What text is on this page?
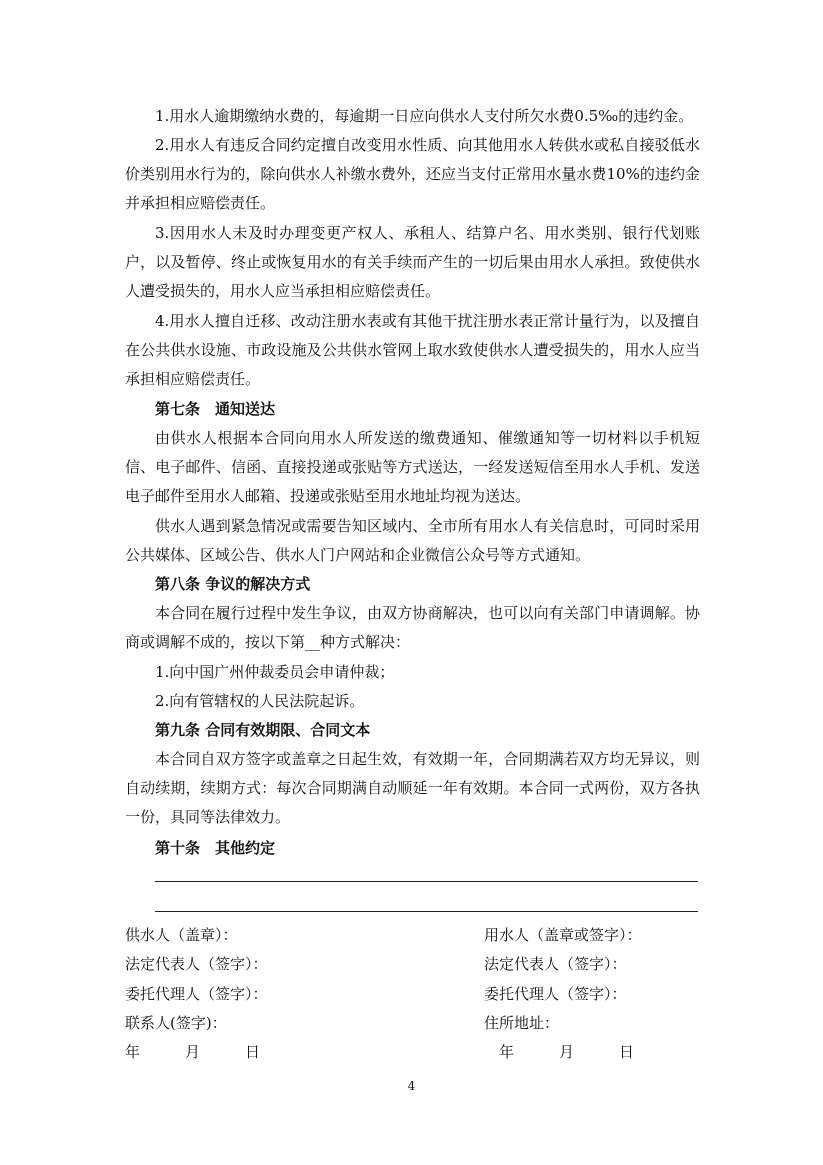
1.用水人逾期缴纳水费的，每逾期一日应向供水人支付所欠水费0.5‰的违约金。

2.用水人有违反合同约定擅自改变用水性质、向其他用水人转供水或私自接驳低水价类别用水行为的，除向供水人补缴水费外，还应当支付正常用水量水费10%的违约金并承担相应赔偿责任。

3.因用水人未及时办理变更产权人、承租人、结算户名、用水类别、银行代划账户，以及暂停、终止或恢复用水的有关手续而产生的一切后果由用水人承担。致使供水人遭受损失的，用水人应当承担相应赔偿责任。

4.用水人擅自迁移、改动注册水表或有其他干扰注册水表正常计量行为，以及擅自在公共供水设施、市政设施及公共供水管网上取水致使供水人遭受损失的，用水人应当承担相应赔偿责任。

第七条　通知送达

由供水人根据本合同向用水人所发送的缴费通知、催缴通知等一切材料以手机短信、电子邮件、信函、直接投递或张贴等方式送达，一经发送短信至用水人手机、发送电子邮件至用水人邮箱、投递或张贴至用水地址均视为送达。

供水人遇到紧急情况或需要告知区域内、全市所有用水人有关信息时，可同时采用公共媒体、区域公告、供水人门户网站和企业微信公众号等方式通知。

第八条 争议的解决方式

本合同在履行过程中发生争议，由双方协商解决，也可以向有关部门申请调解。协商或调解不成的，按以下第__种方式解决：

1.向中国广州仲裁委员会申请仲裁；

2.向有管辖权的人民法院起诉。

第九条 合同有效期限、合同文本

本合同自双方签字或盖章之日起生效，有效期一年，合同期满若双方均无异议，则自动续期，续期方式：每次合同期满自动顺延一年有效期。本合同一式两份，双方各执一份，具同等法律效力。

第十条　其他约定

供水人（盖章）：

法定代表人（签字）：

委托代理人（签字）：

联系人(签字)：

年　　　月　　　日

用水人（盖章或签字）：

法定代表人（签字）：

委托代理人（签字）：

住所地址：

年　　　月　　　日

4
